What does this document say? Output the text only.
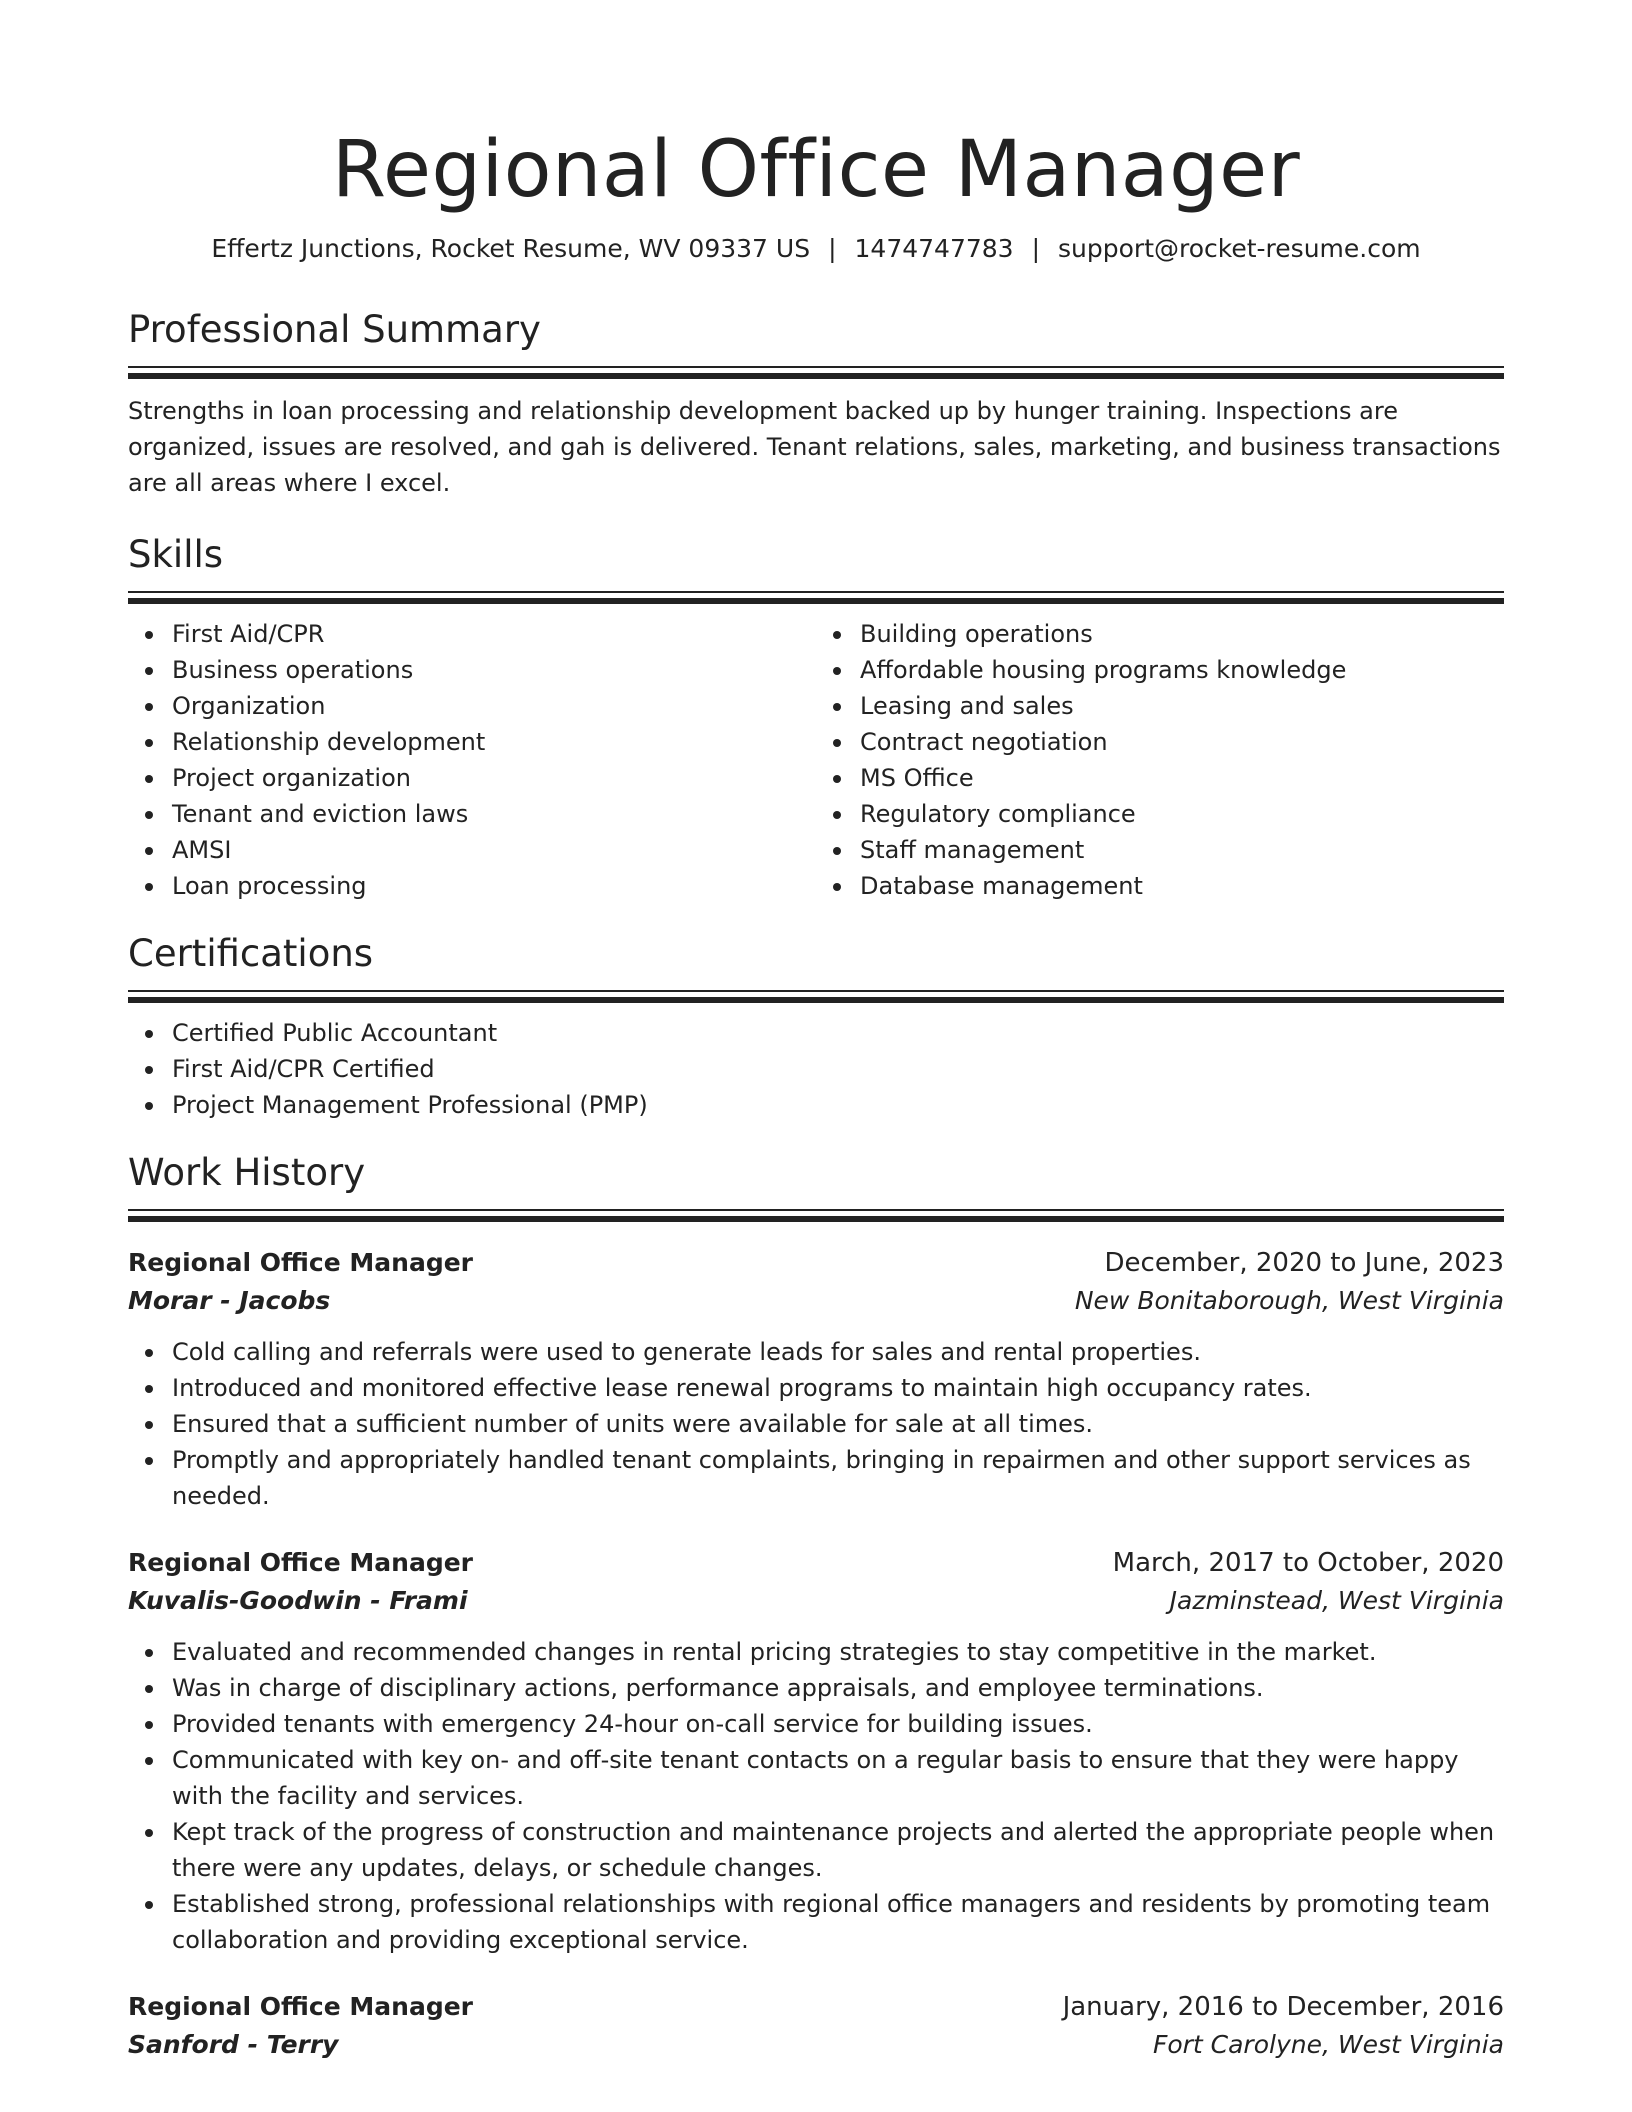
Regional Office Manager
Effertz Junctions, Rocket Resume, WV 09337 US | 1474747783 | support@rocket-resume.com
Professional Summary

Strengths in loan processing and relationship development backed up by hunger training. Inspections are organized, issues are resolved, and gah is delivered. Tenant relations, sales, marketing, and business transactions are all areas where I excel.

Skills
First Aid/CPR
Business operations
Organization
Relationship development
Project organization
Tenant and eviction laws
AMSI
Loan processing
Building operations
Affordable housing programs knowledge
Leasing and sales
Contract negotiation
MS Office
Regulatory compliance
Staff management
Database management
Certifications
Certified Public Accountant
First Aid/CPR Certified
Project Management Professional (PMP)
Work History
Regional Office Manager	December, 2020 to June, 2023
Morar - Jacobs	New Bonitaborough, West Virginia
Cold calling and referrals were used to generate leads for sales and rental properties.
Introduced and monitored effective lease renewal programs to maintain high occupancy rates.
Ensured that a sufficient number of units were available for sale at all times.
Promptly and appropriately handled tenant complaints, bringing in repairmen and other support services as needed.
Regional Office Manager	March, 2017 to October, 2020
Kuvalis-Goodwin - Frami	Jazminstead, West Virginia
Evaluated and recommended changes in rental pricing strategies to stay competitive in the market.
Was in charge of disciplinary actions, performance appraisals, and employee terminations.
Provided tenants with emergency 24-hour on-call service for building issues.
Communicated with key on- and off-site tenant contacts on a regular basis to ensure that they were happy with the facility and services.
Kept track of the progress of construction and maintenance projects and alerted the appropriate people when there were any updates, delays, or schedule changes.
Established strong, professional relationships with regional office managers and residents by promoting team collaboration and providing exceptional service.
Regional Office Manager	January, 2016 to December, 2016
Sanford - Terry	Fort Carolyne, West Virginia
